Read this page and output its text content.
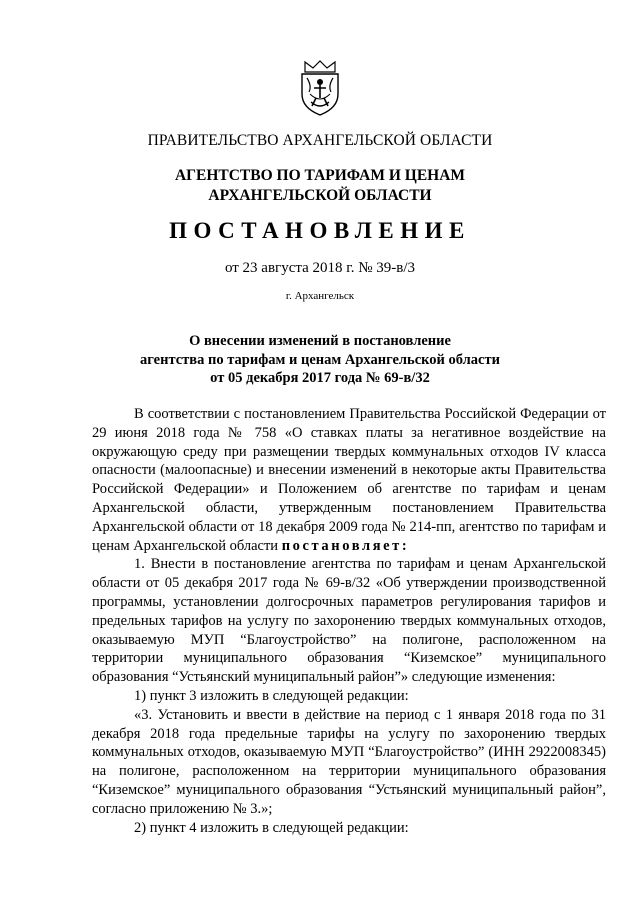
ПРАВИТЕЛЬСТВО АРХАНГЕЛЬСКОЙ ОБЛАСТИ
АГЕНТСТВО ПО ТАРИФАМ И ЦЕНАМ
АРХАНГЕЛЬСКОЙ ОБЛАСТИ
ПОСТАНОВЛЕНИЕ
от 23 августа 2018 г. № 39-в/3
г. Архангельск
О внесении изменений в постановление
агентства по тарифам и ценам Архангельской области
от 05 декабря 2017 года № 69-в/32

В соответствии с постановлением Правительства Российской Федерации от 29 июня 2018 года № 758 «О ставках платы за негативное воздействие на окружающую среду при размещении твердых коммунальных отходов IV класса опасности (малоопасные) и внесении изменений в некоторые акты Правительства Российской Федерации» и Положением об агентстве по тарифам и ценам Архангельской области, утвержденным постановлением Правительства Архангельской области от 18 декабря 2009 года № 214-пп, агентство по тарифам и ценам Архангельской области постановляет:

1. Внести в постановление агентства по тарифам и ценам Архангельской области от 05 декабря 2017 года № 69-в/32 «Об утверждении производственной программы, установлении долгосрочных параметров регулирования тарифов и предельных тарифов на услугу по захоронению твердых коммунальных отходов, оказываемую МУП “Благоустройство” на полигоне, расположенном на территории муниципального образования “Киземское” муниципального образования “Устьянский муниципальный район”» следующие изменения:

1) пункт 3 изложить в следующей редакции:

«3. Установить и ввести в действие на период с 1 января 2018 года по 31 декабря 2018 года предельные тарифы на услугу по захоронению твердых коммунальных отходов, оказываемую МУП “Благоустройство” (ИНН 2922008345) на полигоне, расположенном на территории муниципального образования “Киземское” муниципального образования “Устьянский муниципальный район”, согласно приложению № 3.»;

2) пункт 4 изложить в следующей редакции:
